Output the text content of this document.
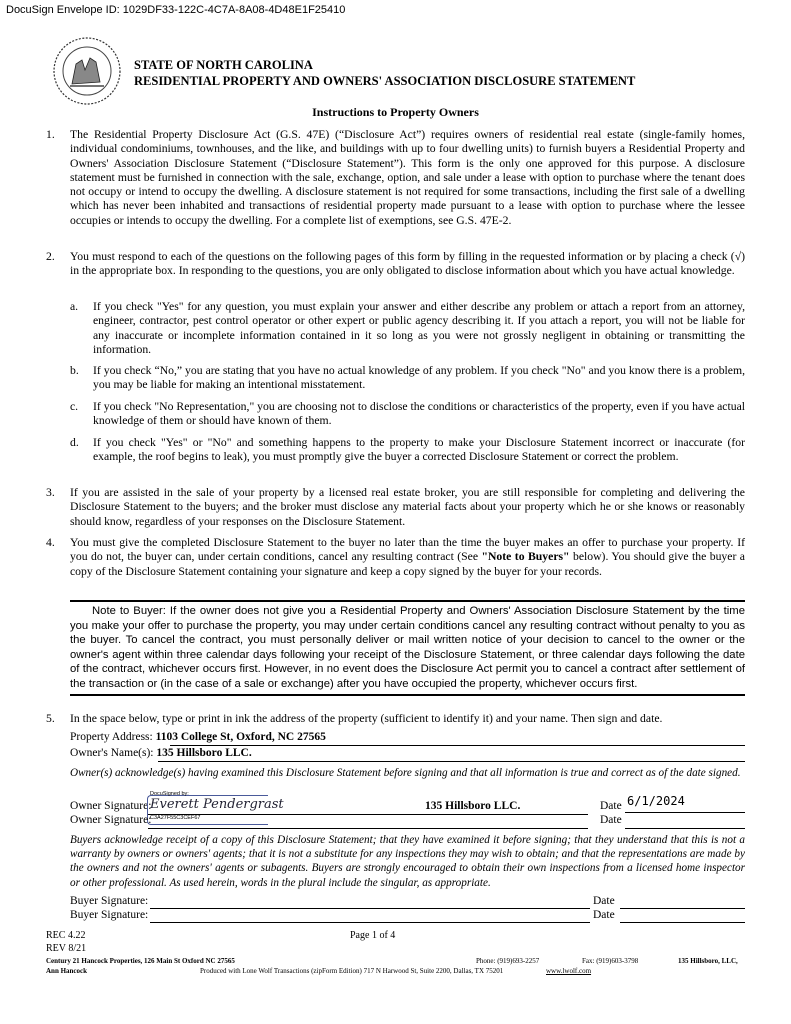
DocuSign Envelope ID: 1029DF33-122C-4C7A-8A08-4D48E1F25410
STATE OF NORTH CAROLINA
RESIDENTIAL PROPERTY AND OWNERS' ASSOCIATION DISCLOSURE STATEMENT
Instructions to Property Owners
1. The Residential Property Disclosure Act (G.S. 47E) (“Disclosure Act”) requires owners of residential real estate (single-family homes, individual condominiums, townhouses, and the like, and buildings with up to four dwelling units) to furnish buyers a Residential Property and Owners' Association Disclosure Statement (“Disclosure Statement”). This form is the only one approved for this purpose. A disclosure statement must be furnished in connection with the sale, exchange, option, and sale under a lease with option to purchase where the tenant does not occupy or intend to occupy the dwelling. A disclosure statement is not required for some transactions, including the first sale of a dwelling which has never been inhabited and transactions of residential property made pursuant to a lease with option to purchase where the lessee occupies or intends to occupy the dwelling. For a complete list of exemptions, see G.S. 47E-2.
2. You must respond to each of the questions on the following pages of this form by filling in the requested information or by placing a check (√) in the appropriate box. In responding to the questions, you are only obligated to disclose information about which you have actual knowledge.
a. If you check "Yes" for any question, you must explain your answer and either describe any problem or attach a report from an attorney, engineer, contractor, pest control operator or other expert or public agency describing it. If you attach a report, you will not be liable for any inaccurate or incomplete information contained in it so long as you were not grossly negligent in obtaining or transmitting the information.
b. If you check “No,” you are stating that you have no actual knowledge of any problem. If you check "No" and you know there is a problem, you may be liable for making an intentional misstatement.
c. If you check "No Representation," you are choosing not to disclose the conditions or characteristics of the property, even if you have actual knowledge of them or should have known of them.
d. If you check "Yes" or "No" and something happens to the property to make your Disclosure Statement incorrect or inaccurate (for example, the roof begins to leak), you must promptly give the buyer a corrected Disclosure Statement or correct the problem.
3. If you are assisted in the sale of your property by a licensed real estate broker, you are still responsible for completing and delivering the Disclosure Statement to the buyers; and the broker must disclose any material facts about your property which he or she knows or reasonably should know, regardless of your responses on the Disclosure Statement.
4. You must give the completed Disclosure Statement to the buyer no later than the time the buyer makes an offer to purchase your property. If you do not, the buyer can, under certain conditions, cancel any resulting contract (See "Note to Buyers" below). You should give the buyer a copy of the Disclosure Statement containing your signature and keep a copy signed by the buyer for your records.
Note to Buyer: If the owner does not give you a Residential Property and Owners' Association Disclosure Statement by the time you make your offer to purchase the property, you may under certain conditions cancel any resulting contract without penalty to you as the buyer. To cancel the contract, you must personally deliver or mail written notice of your decision to cancel to the owner or the owner's agent within three calendar days following your receipt of the Disclosure Statement, or three calendar days following the date of the contract, whichever occurs first. However, in no event does the Disclosure Act permit you to cancel a contract after settlement of the transaction or (in the case of a sale or exchange) after you have occupied the property, whichever occurs first.
5. In the space below, type or print in ink the address of the property (sufficient to identify it) and your name. Then sign and date.
Property Address: 1103 College St, Oxford, NC 27565
Owner's Name(s): 135 Hillsboro LLC.
Owner(s) acknowledge(s) having examined this Disclosure Statement before signing and that all information is true and correct as of the date signed.
Owner Signature:
DocuSigned by:
Everett Pendergrast
C3A27F55C3CEF67
135 Hillsboro LLC.	Date 6/1/2024
Owner Signature:	Date
Buyers acknowledge receipt of a copy of this Disclosure Statement; that they have examined it before signing; that they understand that this is not a warranty by owners or owners' agents; that it is not a substitute for any inspections they may wish to obtain; and that the representations are made by the owners and not the owners' agents or subagents. Buyers are strongly encouraged to obtain their own inspections from a licensed home inspector or other professional. As used herein, words in the plural include the singular, as appropriate.
Buyer Signature:	Date
Buyer Signature:	Date
REC 4.22
REV 8/21
Page 1 of 4
Century 21 Hancock Properties, 126 Main St Oxford NC 27565	Phone: (919)693-2257	Fax: (919)603-3798	135 Hillsboro, LLC,
Ann Hancock	Produced with Lone Wolf Transactions (zipForm Edition) 717 N Harwood St, Suite 2200, Dallas, TX 75201	www.lwolf.com
